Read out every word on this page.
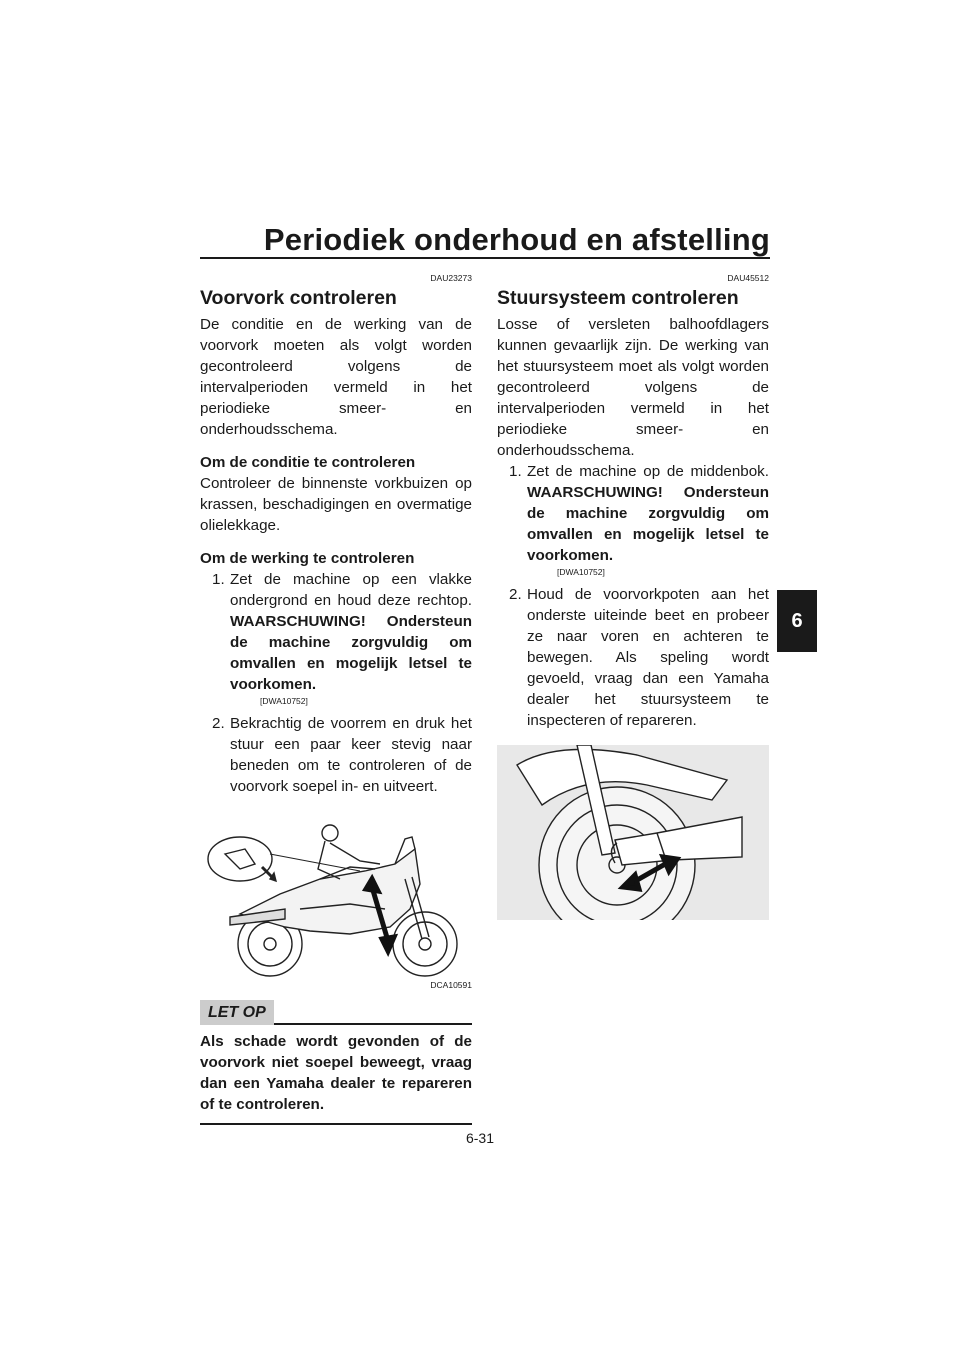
Periodiek onderhoud en afstelling
6
DAU23273
Voorvork controleren

De conditie en de werking van de voorvork moeten als volgt worden gecontroleerd volgens de intervalperioden vermeld in het periodieke smeer- en onderhoudsschema.

Om de conditie te controleren

Controleer de binnenste vorkbuizen op krassen, beschadigingen en overmatige olielekkage.

Om de werking te controleren
1. Zet de machine op een vlakke ondergrond en houd deze rechtop. WAARSCHUWING! Ondersteun de machine zorgvuldig om omvallen en mogelijk letsel te voorkomen.
[DWA10752]
2. Bekrachtig de voorrem en druk het stuur een paar keer stevig naar beneden om te controleren of de voorvork soepel in- en uitveert.
DCA10591
LET OP
Als schade wordt gevonden of de voorvork niet soepel beweegt, vraag dan een Yamaha dealer te repareren of te controleren.
DAU45512
Stuursysteem controleren

Losse of versleten balhoofdlagers kunnen gevaarlijk zijn. De werking van het stuursysteem moet als volgt worden gecontroleerd volgens de intervalperioden vermeld in het periodieke smeer- en onderhoudsschema.

1. Zet de machine op de middenbok. WAARSCHUWING! Ondersteun de machine zorgvuldig om omvallen en mogelijk letsel te voorkomen.
[DWA10752]
2. Houd de voorvorkpoten aan het onderste uiteinde beet en probeer ze naar voren en achteren te bewegen. Als speling wordt gevoeld, vraag dan een Yamaha dealer het stuursysteem te inspecteren of repareren.
6-31
